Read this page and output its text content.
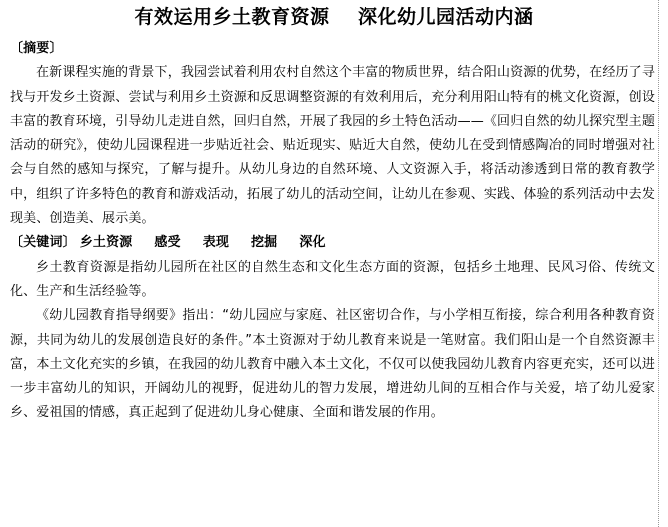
有效运用乡土教育资源    深化幼儿园活动内涵

〔摘要〕

在新课程实施的背景下，我园尝试着利用农村自然这个丰富的物质世界，结合阳山资源的优势，在经历了寻找与开发乡土资源、尝试与利用乡土资源和反思调整资源的有效利用后，充分利用阳山特有的桃文化资源，创设丰富的教育环境，引导幼儿走进自然，回归自然，开展了我园的乡土特色活动——《回归自然的幼儿探究型主题活动的研究》，使幼儿园课程进一步贴近社会、贴近现实、贴近大自然，使幼儿在受到情感陶冶的同时增强对社会与自然的感知与探究，了解与提升。从幼儿身边的自然环境、人文资源入手，将活动渗透到日常的教育教学中，组织了许多特色的教育和游戏活动，拓展了幼儿的活动空间，让幼儿在参观、实践、体验的系列活动中去发现美、创造美、展示美。

〔关键词〕 乡土资源 感受 表现 挖掘 深化

乡土教育资源是指幼儿园所在社区的自然生态和文化生态方面的资源，包括乡土地理、民风习俗、传统文化、生产和生活经验等。

《幼儿园教育指导纲要》指出：“幼儿园应与家庭、社区密切合作，与小学相互衔接，综合利用各种教育资源，共同为幼儿的发展创造良好的条件。”本土资源对于幼儿教育来说是一笔财富。我们阳山是一个自然资源丰富，本土文化充实的乡镇，在我园的幼儿教育中融入本土文化，不仅可以使我园幼儿教育内容更充实，还可以进一步丰富幼儿的知识，开阔幼儿的视野，促进幼儿的智力发展，增进幼儿间的互相合作与关爱，培了幼儿爱家乡、爱祖国的情感，真正起到了促进幼儿身心健康、全面和谐发展的作用。
